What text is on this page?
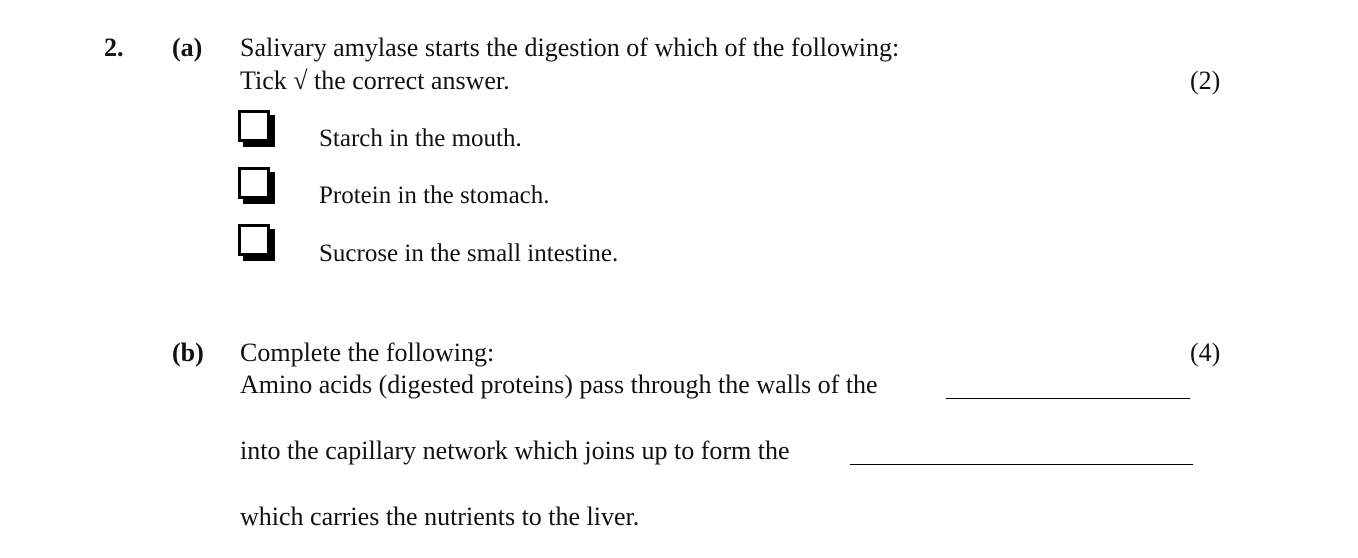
2. (a) Salivary amylase starts the digestion of which of the following:
Tick √ the correct answer.	(2)
Starch in the mouth.
Protein in the stomach.
Sucrose in the small intestine.
(b) Complete the following:	(4)
Amino acids (digested proteins) pass through the walls of the
into the capillary network which joins up to form the
which carries the nutrients to the liver.
